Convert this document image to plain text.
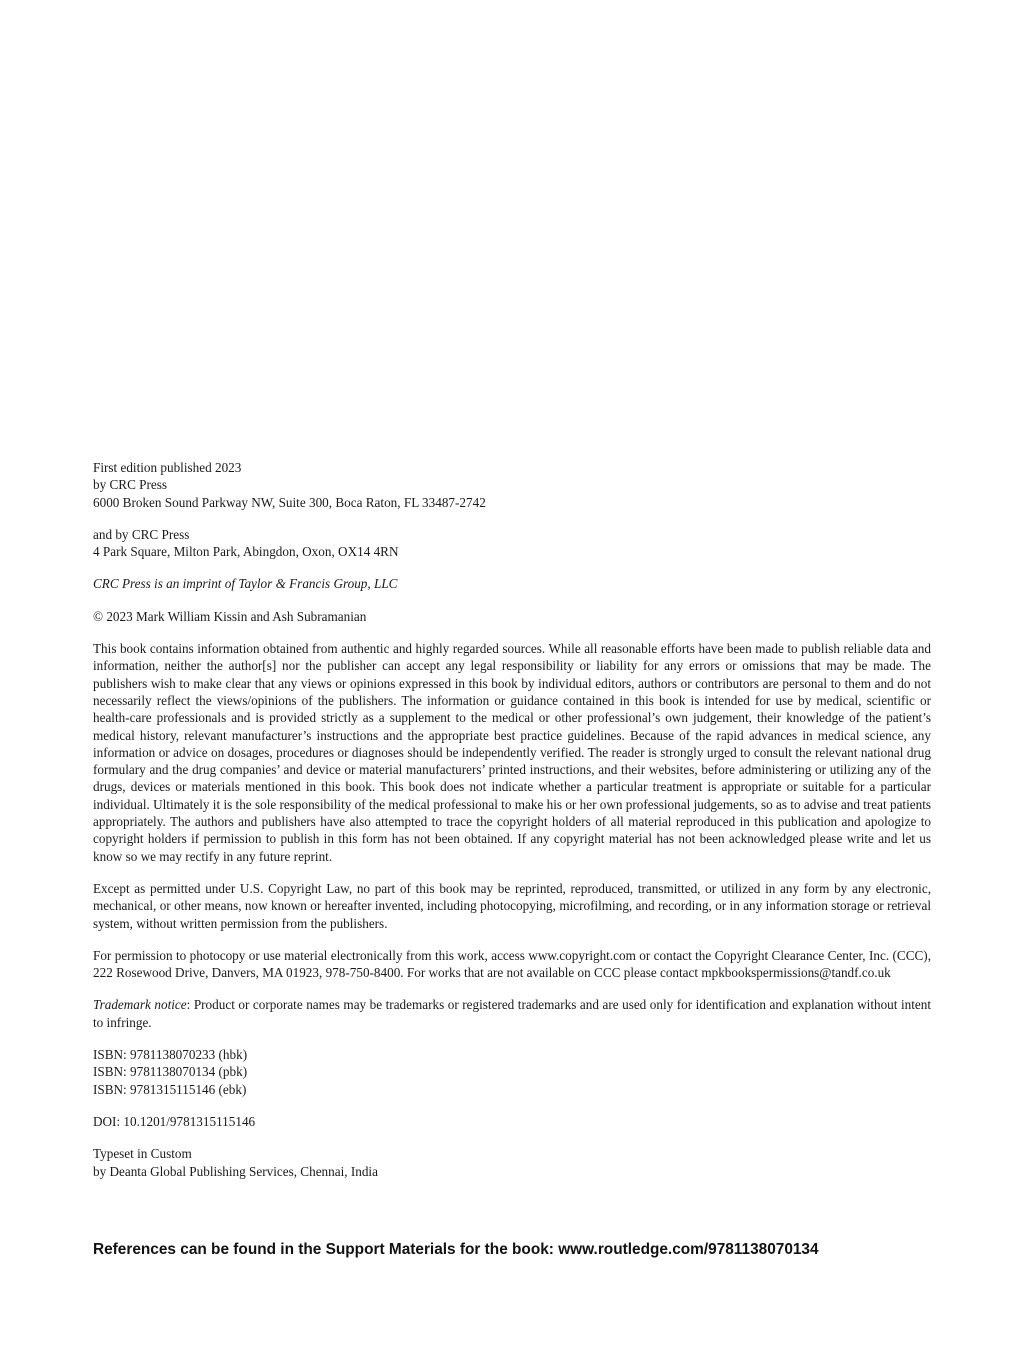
First edition published 2023
by CRC Press
6000 Broken Sound Parkway NW, Suite 300, Boca Raton, FL 33487-2742

and by CRC Press
4 Park Square, Milton Park, Abingdon, Oxon, OX14 4RN

CRC Press is an imprint of Taylor & Francis Group, LLC

© 2023 Mark William Kissin and Ash Subramanian

This book contains information obtained from authentic and highly regarded sources. While all reasonable efforts have been made to publish reliable data and information, neither the author[s] nor the publisher can accept any legal responsibility or liability for any errors or omissions that may be made. The publishers wish to make clear that any views or opinions expressed in this book by individual editors, authors or contributors are personal to them and do not necessarily reflect the views/opinions of the publishers. The information or guidance contained in this book is intended for use by medical, scientific or health-care professionals and is provided strictly as a supplement to the medical or other professional’s own judgement, their knowledge of the patient’s medical history, relevant manufacturer’s instructions and the appropriate best practice guidelines. Because of the rapid advances in medical science, any information or advice on dosages, procedures or diagnoses should be independently verified. The reader is strongly urged to consult the relevant national drug formulary and the drug companies’ and device or material manufacturers’ printed instructions, and their websites, before administering or utilizing any of the drugs, devices or materials mentioned in this book. This book does not indicate whether a particular treatment is appropriate or suitable for a particular individual. Ultimately it is the sole responsibility of the medical professional to make his or her own professional judgements, so as to advise and treat patients appropriately. The authors and publishers have also attempted to trace the copyright holders of all material reproduced in this publication and apologize to copyright holders if permission to publish in this form has not been obtained. If any copyright material has not been acknowledged please write and let us know so we may rectify in any future reprint.

Except as permitted under U.S. Copyright Law, no part of this book may be reprinted, reproduced, transmitted, or utilized in any form by any electronic, mechanical, or other means, now known or hereafter invented, including photocopying, microfilming, and recording, or in any information storage or retrieval system, without written permission from the publishers.

For permission to photocopy or use material electronically from this work, access www.copyright.com or contact the Copyright Clearance Center, Inc. (CCC), 222 Rosewood Drive, Danvers, MA 01923, 978-750-8400. For works that are not available on CCC please contact mpkbookspermissions@tandf.co.uk

Trademark notice: Product or corporate names may be trademarks or registered trademarks and are used only for identification and explanation without intent to infringe.

ISBN: 9781138070233 (hbk)
ISBN: 9781138070134 (pbk)
ISBN: 9781315115146 (ebk)

DOI: 10.1201/9781315115146

Typeset in Custom
by Deanta Global Publishing Services, Chennai, India

References can be found in the Support Materials for the book: www.routledge.com/9781138070134
